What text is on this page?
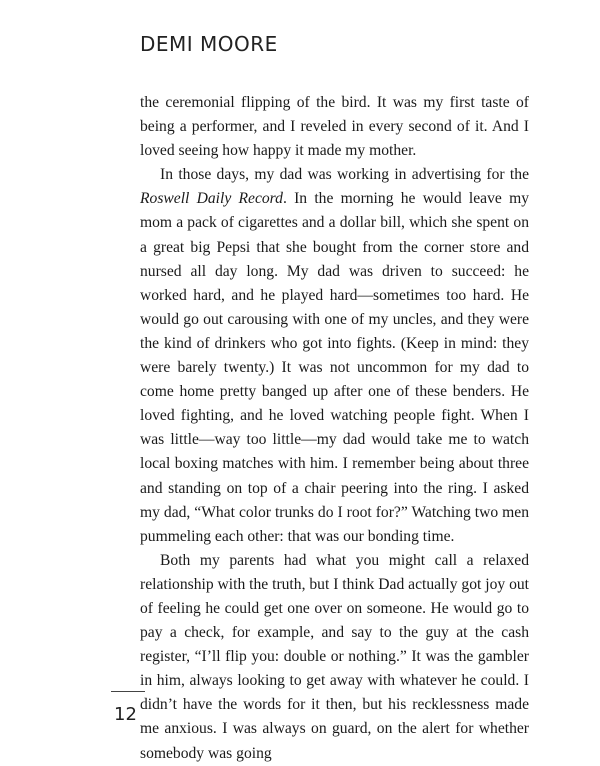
DEMI MOORE

the ceremonial flipping of the bird. It was my first taste of being a performer, and I reveled in every second of it. And I loved seeing how happy it made my mother.

In those days, my dad was working in advertising for the Roswell Daily Record. In the morning he would leave my mom a pack of cigarettes and a dollar bill, which she spent on a great big Pepsi that she bought from the corner store and nursed all day long. My dad was driven to succeed: he worked hard, and he played hard—sometimes too hard. He would go out carousing with one of my uncles, and they were the kind of drinkers who got into fights. (Keep in mind: they were barely twenty.) It was not uncommon for my dad to come home pretty banged up after one of these benders. He loved fighting, and he loved watching people fight. When I was little—way too little—my dad would take me to watch local boxing matches with him. I remember being about three and standing on top of a chair peering into the ring. I asked my dad, “What color trunks do I root for?” Watching two men pummeling each other: that was our bonding time.

Both my parents had what you might call a relaxed relationship with the truth, but I think Dad actually got joy out of feeling he could get one over on someone. He would go to pay a check, for example, and say to the guy at the cash register, “I’ll flip you: double or nothing.” It was the gambler in him, always looking to get away with whatever he could. I didn’t have the words for it then, but his recklessness made me anxious. I was always on guard, on the alert for whether somebody was going

12
